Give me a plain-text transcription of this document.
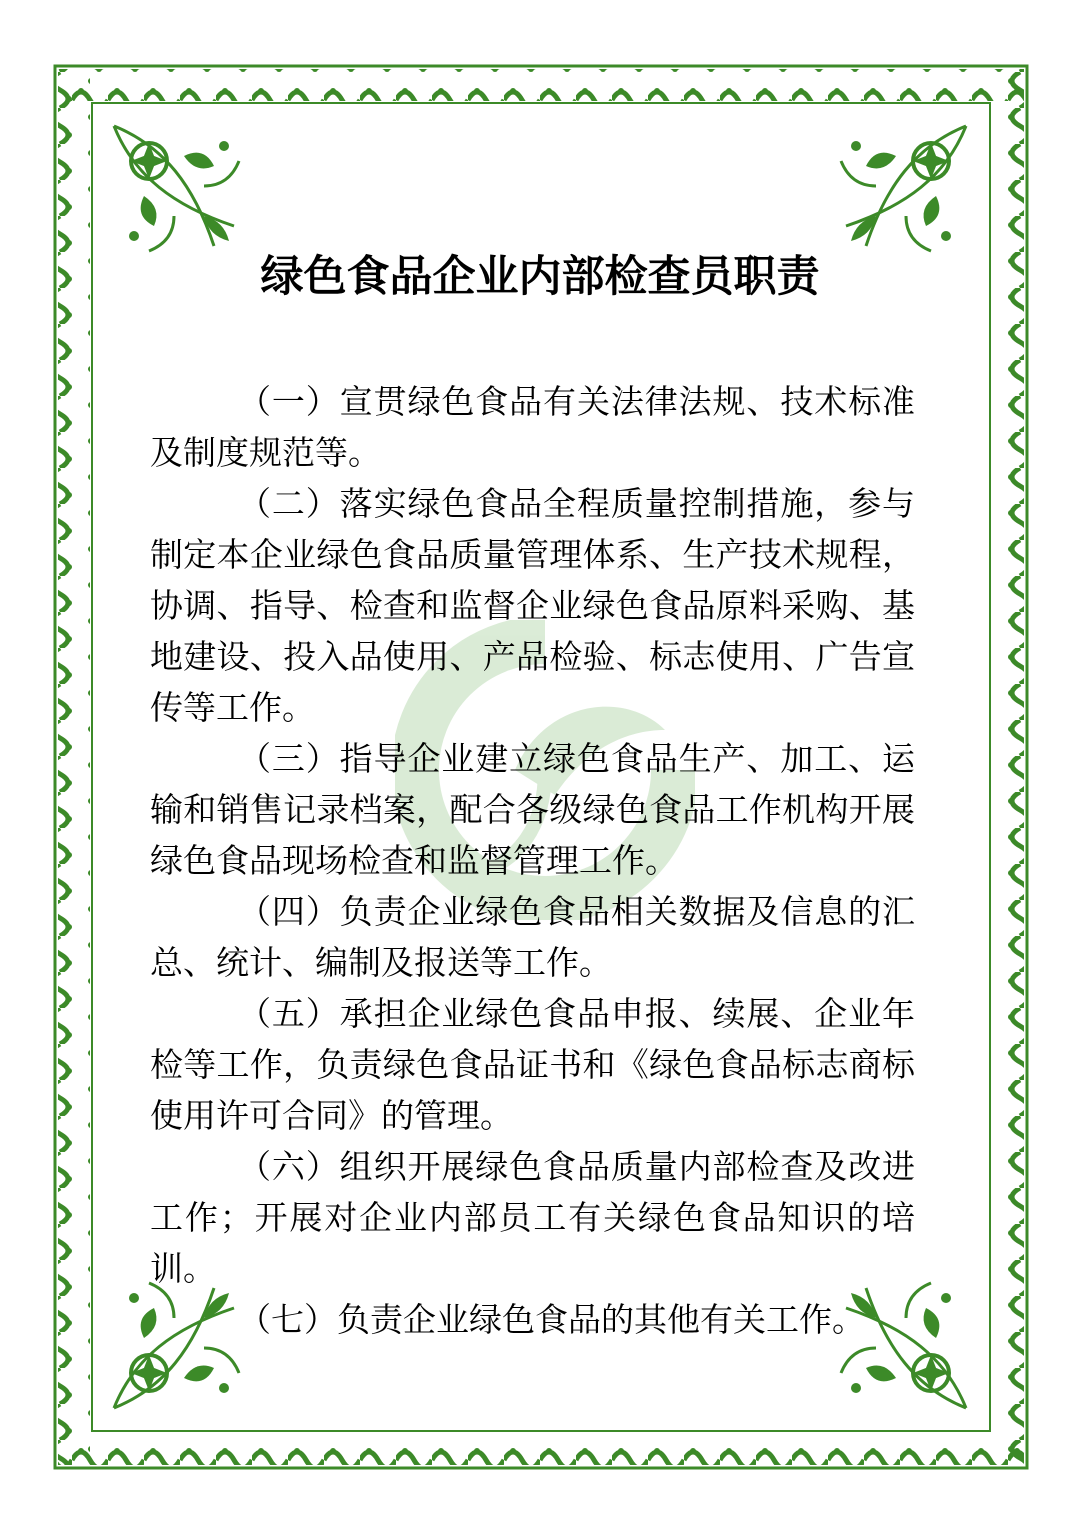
绿色食品企业内部检查员职责

（一）宣贯绿色食品有关法律法规、技术标准及制度规范等。

（二）落实绿色食品全程质量控制措施，参与制定本企业绿色食品质量管理体系、生产技术规程，协调、指导、检查和监督企业绿色食品原料采购、基地建设、投入品使用、产品检验、标志使用、广告宣传等工作。

（三）指导企业建立绿色食品生产、加工、运输和销售记录档案，配合各级绿色食品工作机构开展绿色食品现场检查和监督管理工作。

（四）负责企业绿色食品相关数据及信息的汇总、统计、编制及报送等工作。

（五）承担企业绿色食品申报、续展、企业年检等工作，负责绿色食品证书和《绿色食品标志商标使用许可合同》的管理。

（六）组织开展绿色食品质量内部检查及改进工作；开展对企业内部员工有关绿色食品知识的培训。

（七）负责企业绿色食品的其他有关工作。
